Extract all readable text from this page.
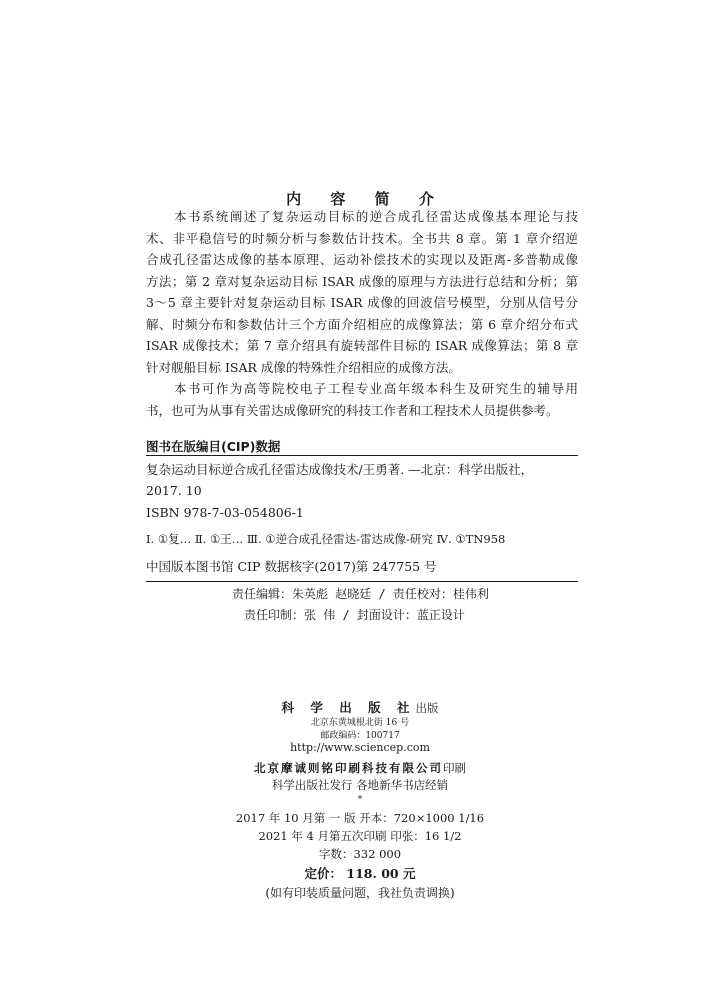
内 容 简 介
　　本书系统阐述了复杂运动目标的逆合成孔径雷达成像基本理论与技
术、非平稳信号的时频分析与参数估计技术。全书共 8 章。第 1 章介绍逆
合成孔径雷达成像的基本原理、运动补偿技术的实现以及距离-多普勒成像
方法；第 2 章对复杂运动目标 ISAR 成像的原理与方法进行总结和分析；第
3～5 章主要针对复杂运动目标 ISAR 成像的回波信号模型，分别从信号分
解、时频分布和参数估计三个方面介绍相应的成像算法；第 6 章介绍分布式
ISAR 成像技术；第 7 章介绍具有旋转部件目标的 ISAR 成像算法；第 8 章
针对舰船目标 ISAR 成像的特殊性介绍相应的成像方法。
　　本书可作为高等院校电子工程专业高年级本科生及研究生的辅导用
书，也可为从事有关雷达成像研究的科技工作者和工程技术人员提供参考。
图书在版编目(CIP)数据
复杂运动目标逆合成孔径雷达成像技术/王勇著. —北京：科学出版社，
2017. 10
ISBN 978-7-03-054806-1
Ⅰ. ①复… Ⅱ. ①王… Ⅲ. ①逆合成孔径雷达-雷达成像-研究 Ⅳ. ①TN958
中国版本图书馆 CIP 数据核字(2017)第 247755 号
责任编辑：朱英彪 赵晓廷 / 责任校对：桂伟利
责任印制：张 伟 / 封面设计：蓝正设计
科 学 出 版 社出版
北京东黄城根北街 16 号
邮政编码：100717
http://www.sciencep.com
北京摩诚则铭印刷科技有限公司印刷
科学出版社发行 各地新华书店经销
*
2017 年 10 月第 一 版 开本：720×1000 1/16
2021 年 4 月第五次印刷 印张：16 1/2
字数：332 000
定价： 118. 00 元
(如有印装质量问题，我社负责调换)
